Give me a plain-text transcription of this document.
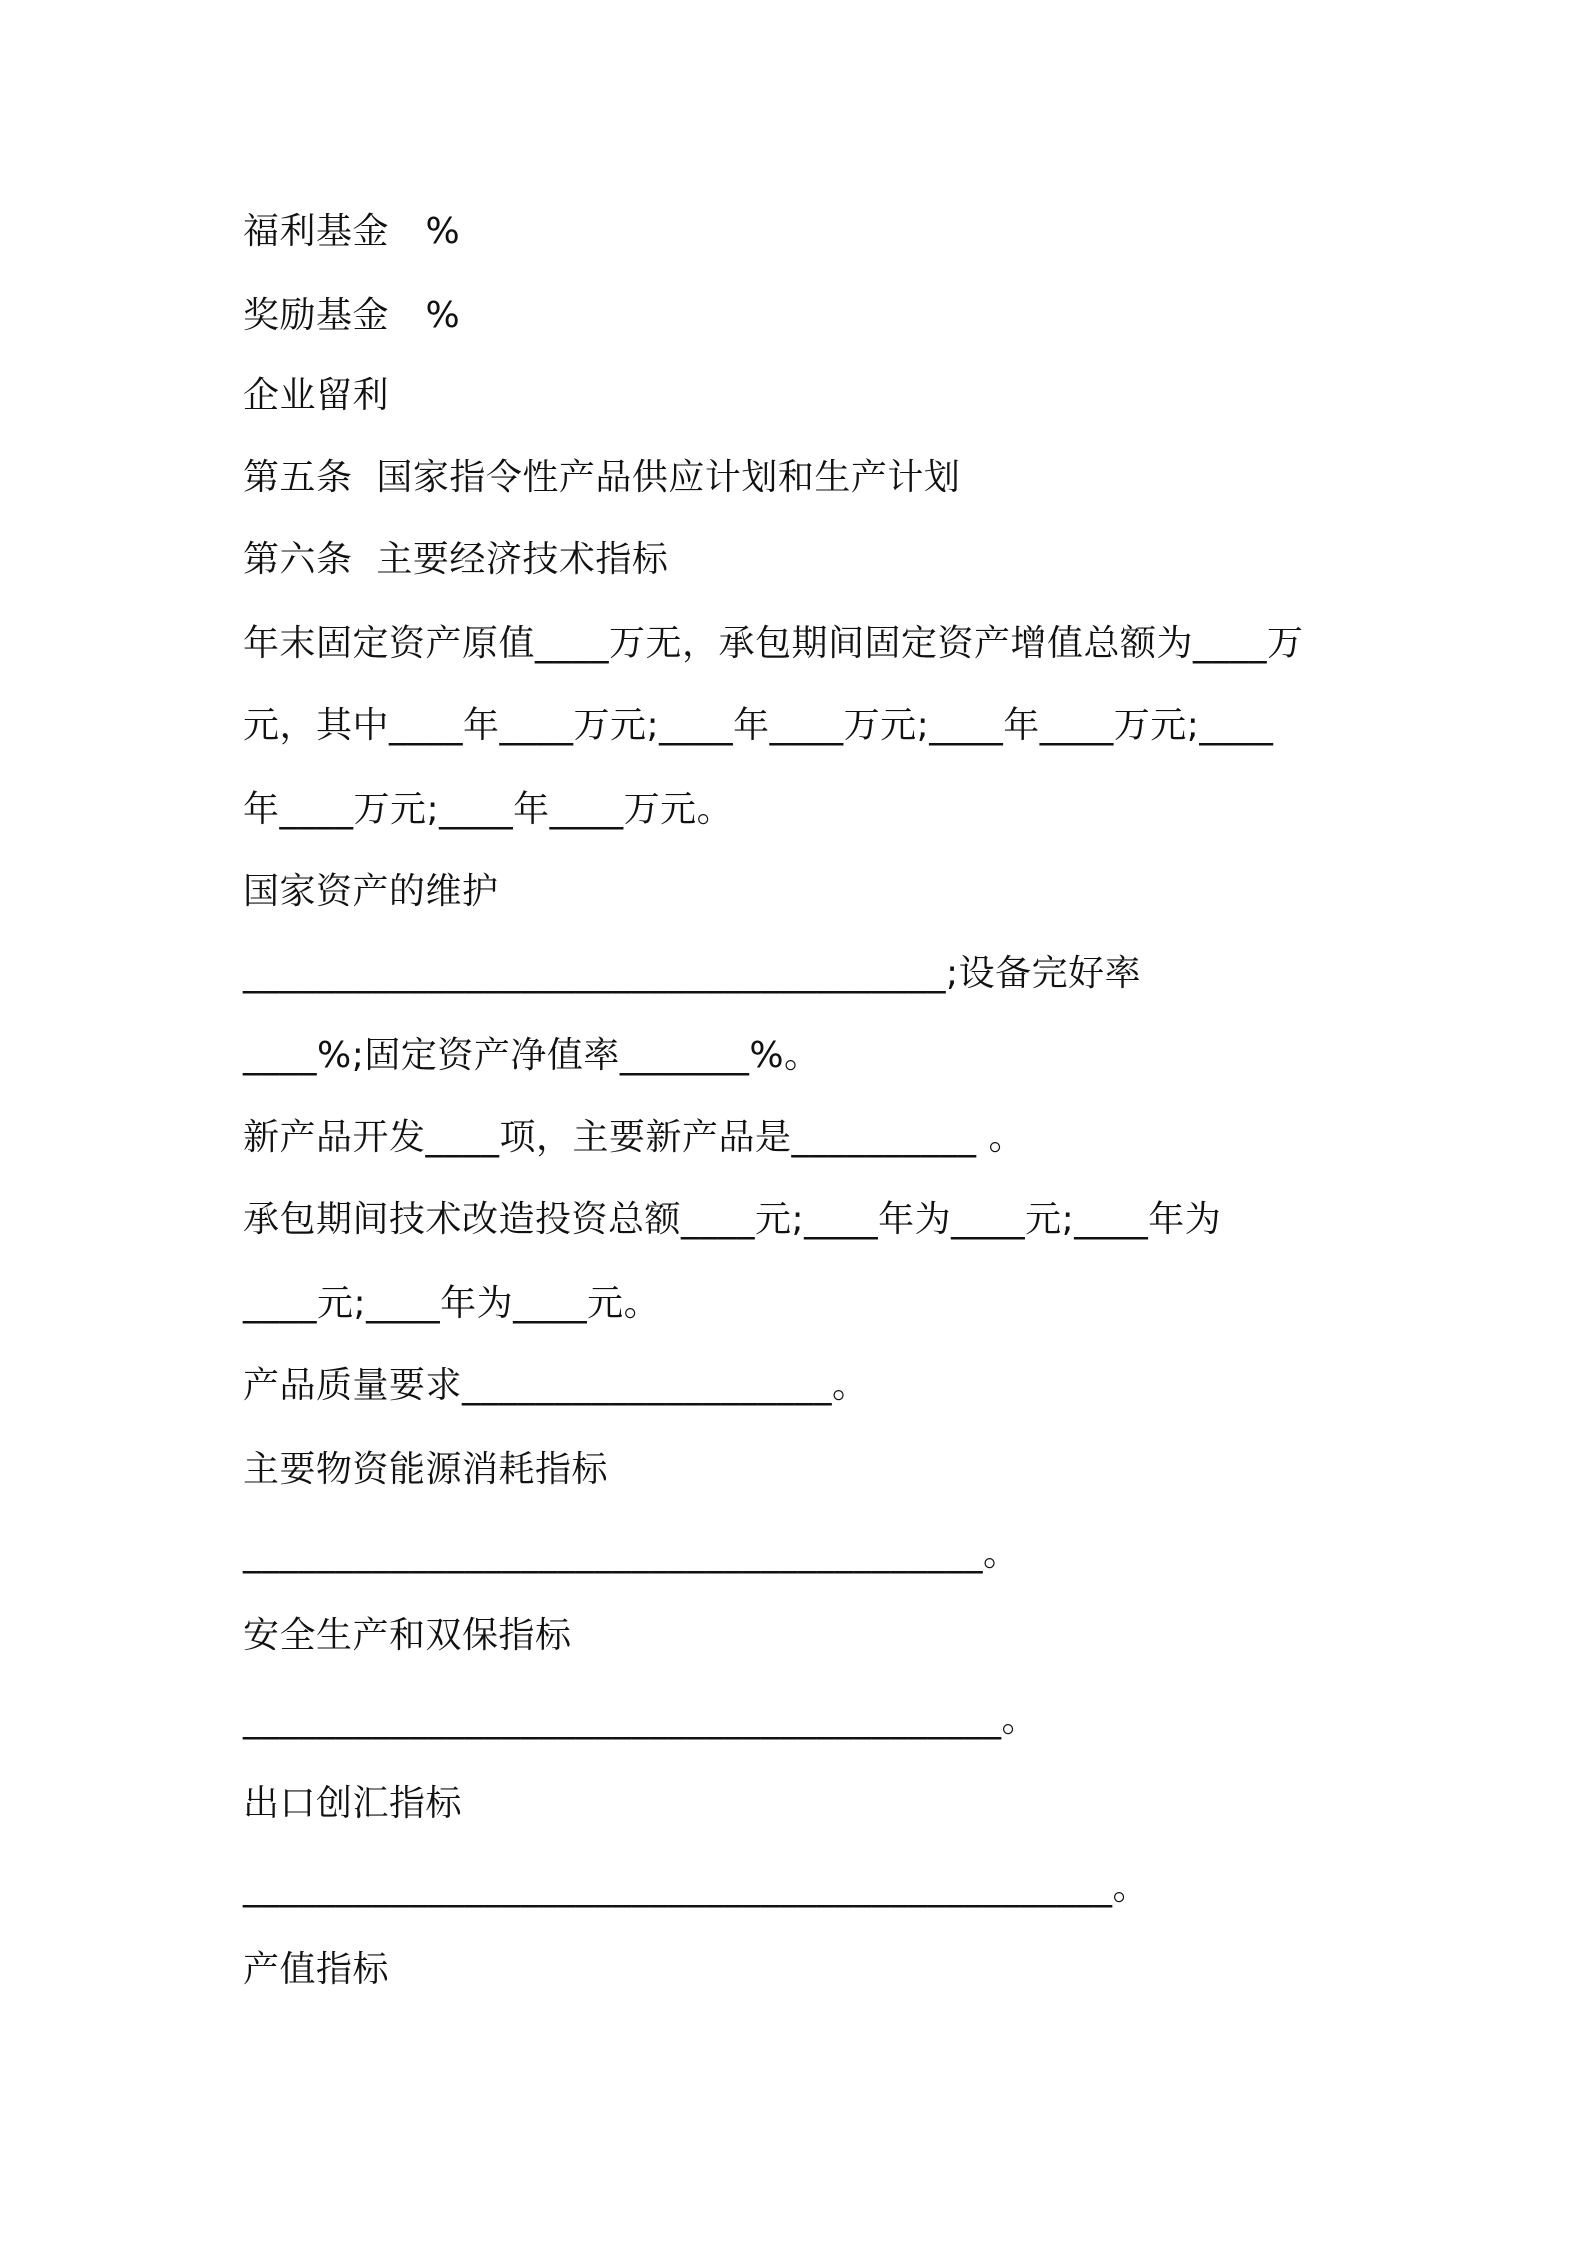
福利基金　%
奖励基金　%
企业留利
第五条  国家指令性产品供应计划和生产计划
第六条  主要经济技术指标
年末固定资产原值____万无，承包期间固定资产增值总额为____万
元，其中____年____万元;____年____万元;____年____万元;____
年____万元;____年____万元。
国家资产的维护
______________________________________;设备完好率
____%;固定资产净值率_______%。
新产品开发____项，主要新产品是__________ 。
承包期间技术改造投资总额____元;____年为____元;____年为
____元;____年为____元。
产品质量要求____________________。
主要物资能源消耗指标
________________________________________。
安全生产和双保指标
_________________________________________。
出口创汇指标
_______________________________________________。
产值指标
